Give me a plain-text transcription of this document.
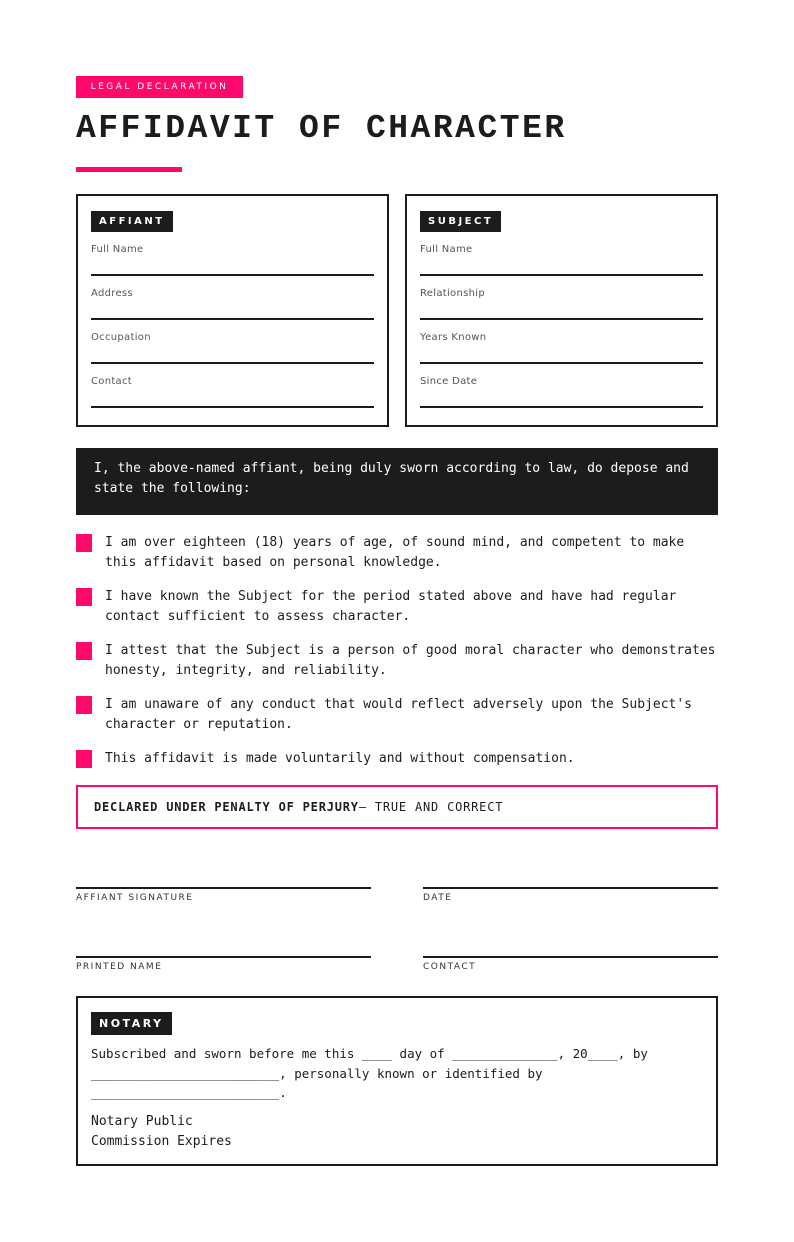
LEGAL DECLARATION
AFFIDAVIT OF CHARACTER
AFFIANT
Full Name
Address
Occupation
Contact
SUBJECT
Full Name
Relationship
Years Known
Since Date
I, the above-named affiant, being duly sworn according to law, do depose and state the following:
I am over eighteen (18) years of age, of sound mind, and competent to make this affidavit based on personal knowledge.
I have known the Subject for the period stated above and have had regular contact sufficient to assess character.
I attest that the Subject is a person of good moral character who demonstrates honesty, integrity, and reliability.
I am unaware of any conduct that would reflect adversely upon the Subject's character or reputation.
This affidavit is made voluntarily and without compensation.
DECLARED UNDER PENALTY OF PERJURY — TRUE AND CORRECT
AFFIANT SIGNATURE	DATE
PRINTED NAME	CONTACT
NOTARY
Subscribed and sworn before me this ____ day of ______________, 20____, by
_________________________, personally known or identified by
_________________________.
Notary Public
Commission Expires
